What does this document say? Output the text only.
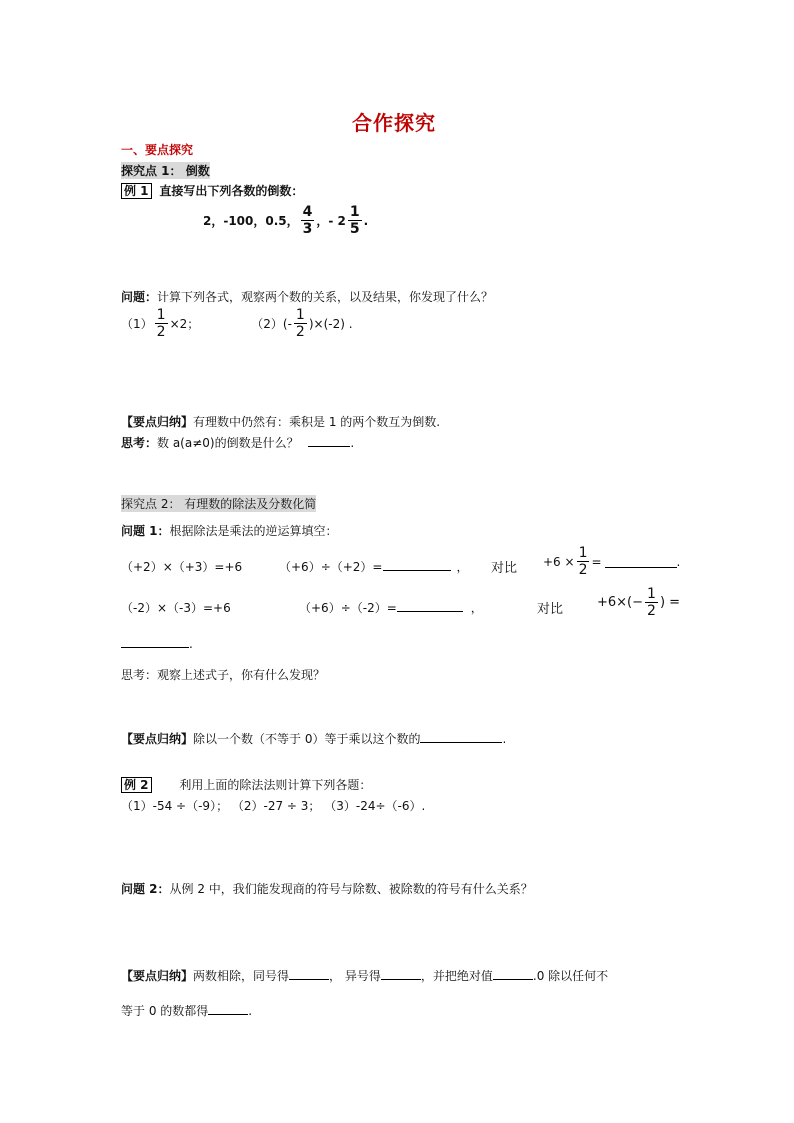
合作探究
一、要点探究
探究点 1： 倒数
例 1 直接写出下列各数的倒数：
2，-100，0.5， $\frac{4}{3}$ ，- $2 \frac{1}{5}$ .
问题：计算下列各式，观察两个数的关系，以及结果，你发现了什么？
$(1) \frac{1}{2} \times 2$；	$(2)(- \frac{1}{2} )\times(-2)$ .
【要点归纳】有理数中仍然有：乘积是 1 的两个数互为倒数.
思考：数 a(a≠0)的倒数是什么？	.
探究点 2： 有理数的除法及分数化简
问题 1：根据除法是乘法的逆运算填空：
（+2）×（+3）=+6	（+6）÷（+2）=	， 对比 $+6 \times \frac{1}{2}$ =	.
（-2）×（-3）=+6	（+6）÷（-2）=	，	对比	$+6\times(- \frac{1}{2}$ ) =
.
思考：观察上述式子，你有什么发现？
【要点归纳】除以一个数（不等于 0）等于乘以这个数的	.
例 2	利用上面的除法法则计算下列各题：
（1）-54 ÷（-9）； （2）-27 ÷ 3； （3）-24÷（-6）.
问题 2：从例 2 中，我们能发现商的符号与除数、被除数的符号有什么关系？
【要点归纳】两数相除，同号得	， 异号得	，并把绝对值	.0 除以任何不
等于 0 的数都得	.
